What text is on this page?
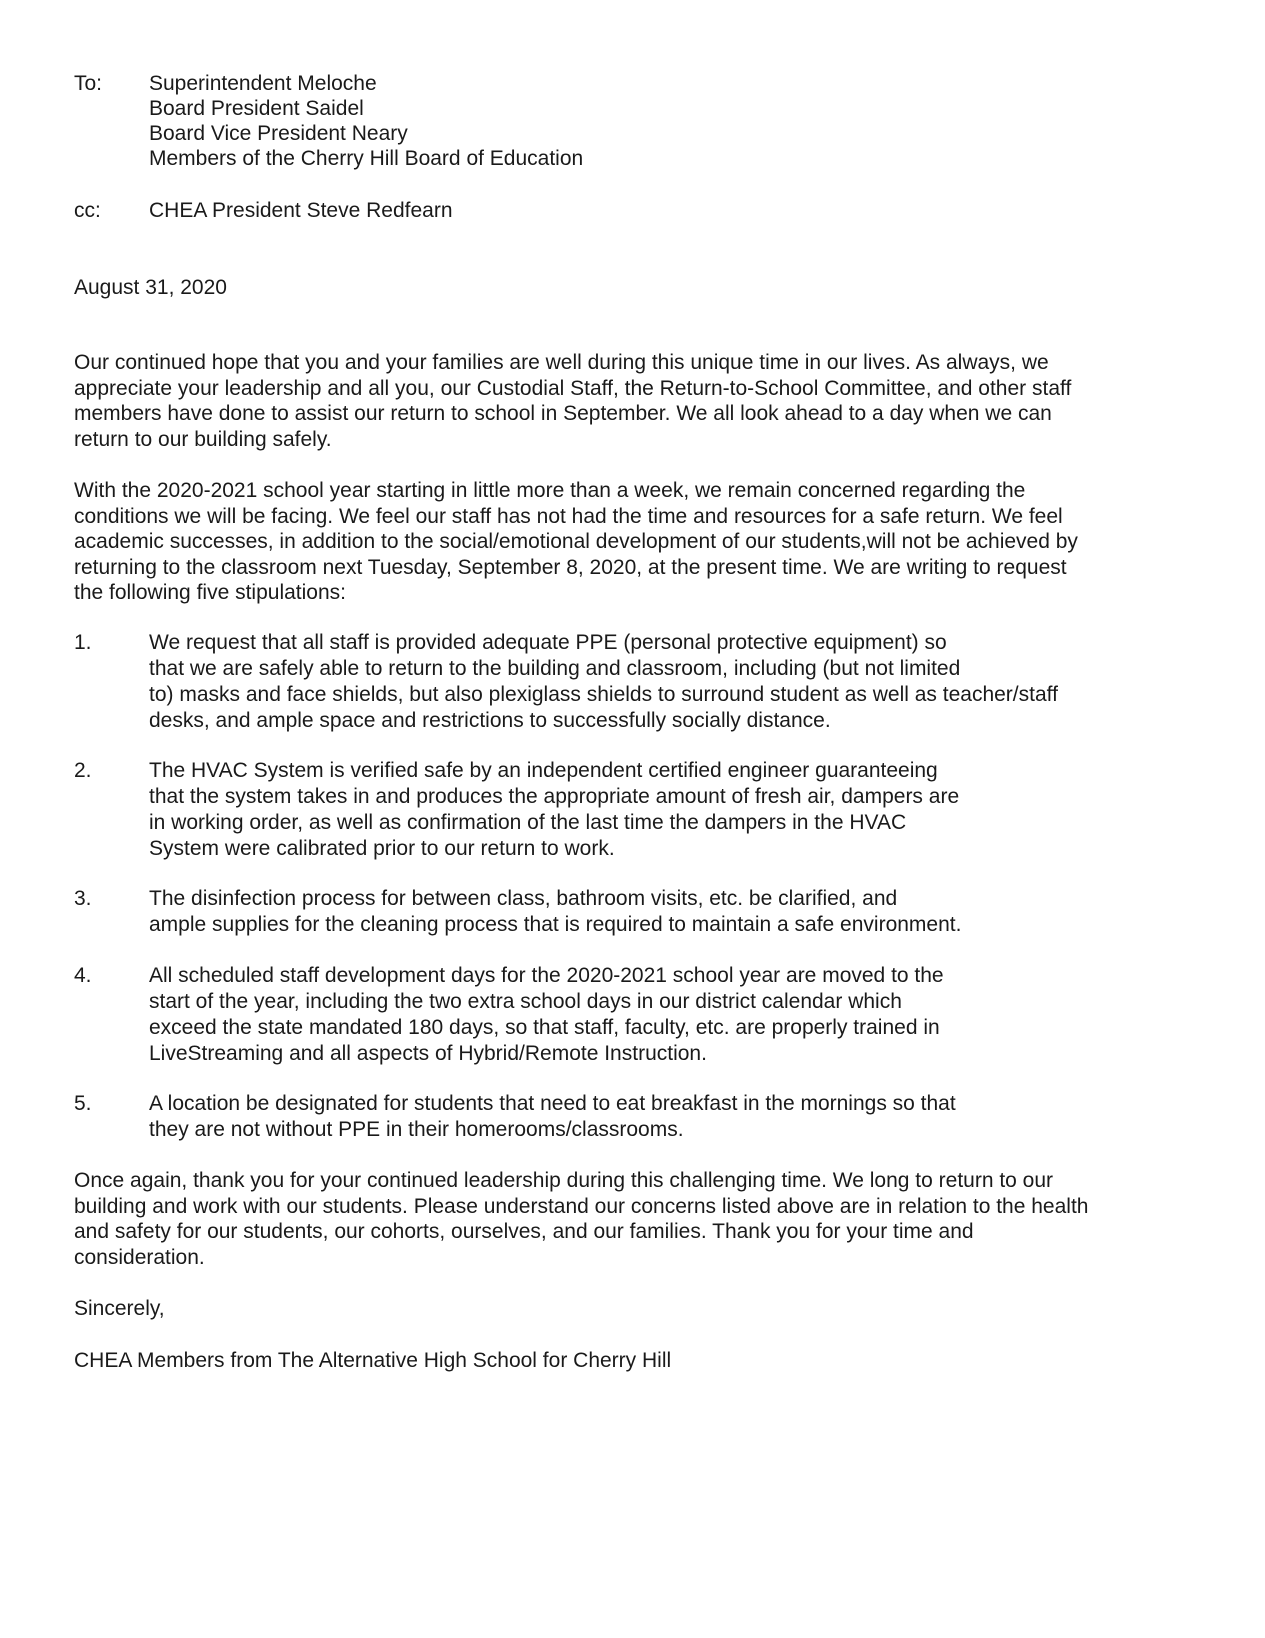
To: Superintendent Meloche
Board President Saidel
Board Vice President Neary
Members of the Cherry Hill Board of Education
cc: CHEA President Steve Redfearn
August 31, 2020
Our continued hope that you and your families are well during this unique time in our lives. As always, we
appreciate your leadership and all you, our Custodial Staff, the Return-to-School Committee, and other staff
members have done to assist our return to school in September. We all look ahead to a day when we can
return to our building safely.
With the 2020-2021 school year starting in little more than a week, we remain concerned regarding the
conditions we will be facing. We feel our staff has not had the time and resources for a safe return. We feel
academic successes, in addition to the social/emotional development of our students,will not be achieved by
returning to the classroom next Tuesday, September 8, 2020, at the present time. We are writing to request
the following five stipulations:
1.	We request that all staff is provided adequate PPE (personal protective equipment) so
that we are safely able to return to the building and classroom, including (but not limited
to) masks and face shields, but also plexiglass shields to surround student as well as teacher/staff
desks, and ample space and restrictions to successfully socially distance.
2.	The HVAC System is verified safe by an independent certified engineer guaranteeing
that the system takes in and produces the appropriate amount of fresh air, dampers are
in working order, as well as confirmation of the last time the dampers in the HVAC
System were calibrated prior to our return to work.
3.	The disinfection process for between class, bathroom visits, etc. be clarified, and
ample supplies for the cleaning process that is required to maintain a safe environment.
4.	All scheduled staff development days for the 2020-2021 school year are moved to the
start of the year, including the two extra school days in our district calendar which
exceed the state mandated 180 days, so that staff, faculty, etc. are properly trained in
LiveStreaming and all aspects of Hybrid/Remote Instruction.
5.	A location be designated for students that need to eat breakfast in the mornings so that
they are not without PPE in their homerooms/classrooms.
Once again, thank you for your continued leadership during this challenging time. We long to return to our
building and work with our students. Please understand our concerns listed above are in relation to the health
and safety for our students, our cohorts, ourselves, and our families. Thank you for your time and
consideration.
Sincerely,
CHEA Members from The Alternative High School for Cherry Hill
